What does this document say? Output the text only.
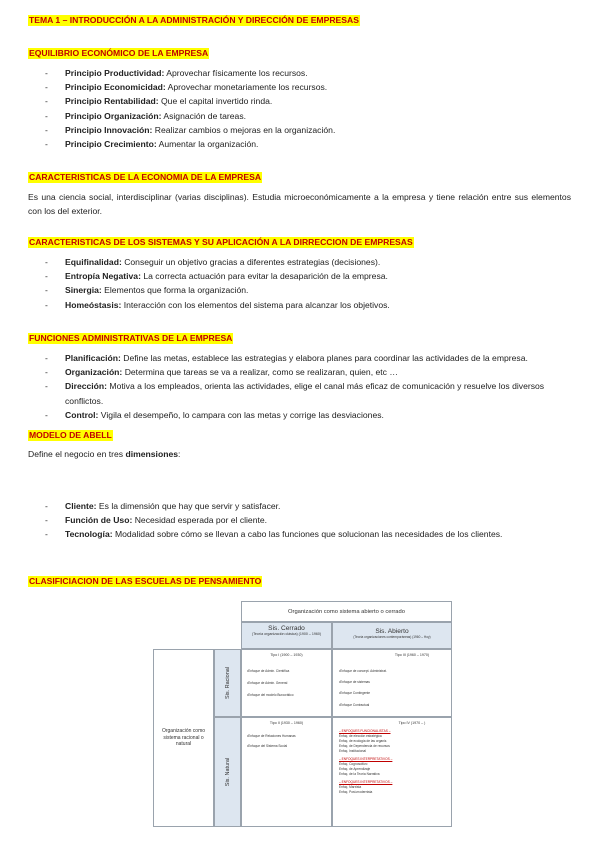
TEMA 1 – INTRODUCCIÓN A LA ADMINISTRACIÓN Y DIRECCIÓN DE EMPRESAS
EQUILIBRIO ECONÓMICO DE LA EMPRESA
- Principio Productividad: Aprovechar físicamente los recursos.
- Principio Economicidad: Aprovechar monetariamente los recursos.
- Principio Rentabilidad: Que el capital invertido rinda.
- Principio Organización: Asignación de tareas.
- Principio Innovación: Realizar cambios o mejoras en la organización.
- Principio Crecimiento: Aumentar la organización.
CARACTERISTICAS DE LA ECONOMIA DE LA EMPRESA

Es una ciencia social, interdisciplinar (varias disciplinas). Estudia microeconómicamente a la empresa y tiene relación entre sus elementos con los del exterior.

CARACTERISTICAS DE LOS SISTEMAS Y SU APLICACIÓN A LA DIRRECCION DE EMPRESAS
- Equifinalidad: Conseguir un objetivo gracias a diferentes estrategias (decisiones).
- Entropía Negativa: La correcta actuación para evitar la desaparición de la empresa.
- Sinergia: Elementos que forma la organización.
- Homeóstasis: Interacción con los elementos del sistema para alcanzar los objetivos.
FUNCIONES ADMINISTRATIVAS DE LA EMPRESA
- Planificación: Define las metas, establece las estrategias y elabora planes para coordinar las actividades de la empresa.
- Organización: Determina que tareas se va a realizar, como se realizaran, quien, etc …
- Dirección: Motiva a los empleados, orienta las actividades, elige el canal más eficaz de comunicación y resuelve los diversos conflictos.
- Control: Vigila el desempeño, lo campara con las metas y corrige las desviaciones.
MODELO DE ABELL

Define el negocio en tres dimensiones:

- Cliente: Es la dimensión que hay que servir y satisfacer.
- Función de Uso: Necesidad esperada por el cliente.
- Tecnología: Modalidad sobre cómo se llevan a cabo las funciones que solucionan las necesidades de los clientes.
CLASIFICIACION DE LAS ESCUELAS DE PENSAMIENTO
Organización como sistema abierto o cerrado
Sis. Cerrado
(Teoría organización clásica) (1900 – 1960)	Sis. Abierto
(Teoría organizaciones contemporáneas) (1960 – Hoy)
Organización como sistema racional o natural
Sis. Racional
Sis. Natural
Tipo I (1900 – 1930)
•Enfoque de Admin. Científica
•Enfoque de Admin. General
•Enfoque del modelo Burocrático
Tipo III (1960 – 1970)
•Enfoque de concept. Administrat.
•Enfoque de sistemas
•Enfoque Contingente
•Enfoque Contractual
Tipo II (1930 – 1960)
•Enfoque de Relaciones Humanas
•Enfoque del Sistema Social
Tipo IV (1970 – )
– ENFOQUES FUNCIONALISTAS –
Enfoq. de elección estratégica
Enfoq. de ecología de las organiz.
Enfoq. de Dependencia de recursos
Enfoq. Institucional
– ENFOQUES INTERPRETATIVOS –
Enfoq. Cognoscitivo
Enfoq. de Aprendizaje
Enfoq. de la Teoría Narrativa
– ENFOQUES INTERPRETATIVOS –
Enfoq. Marxista
Enfoq. Post-modernista
